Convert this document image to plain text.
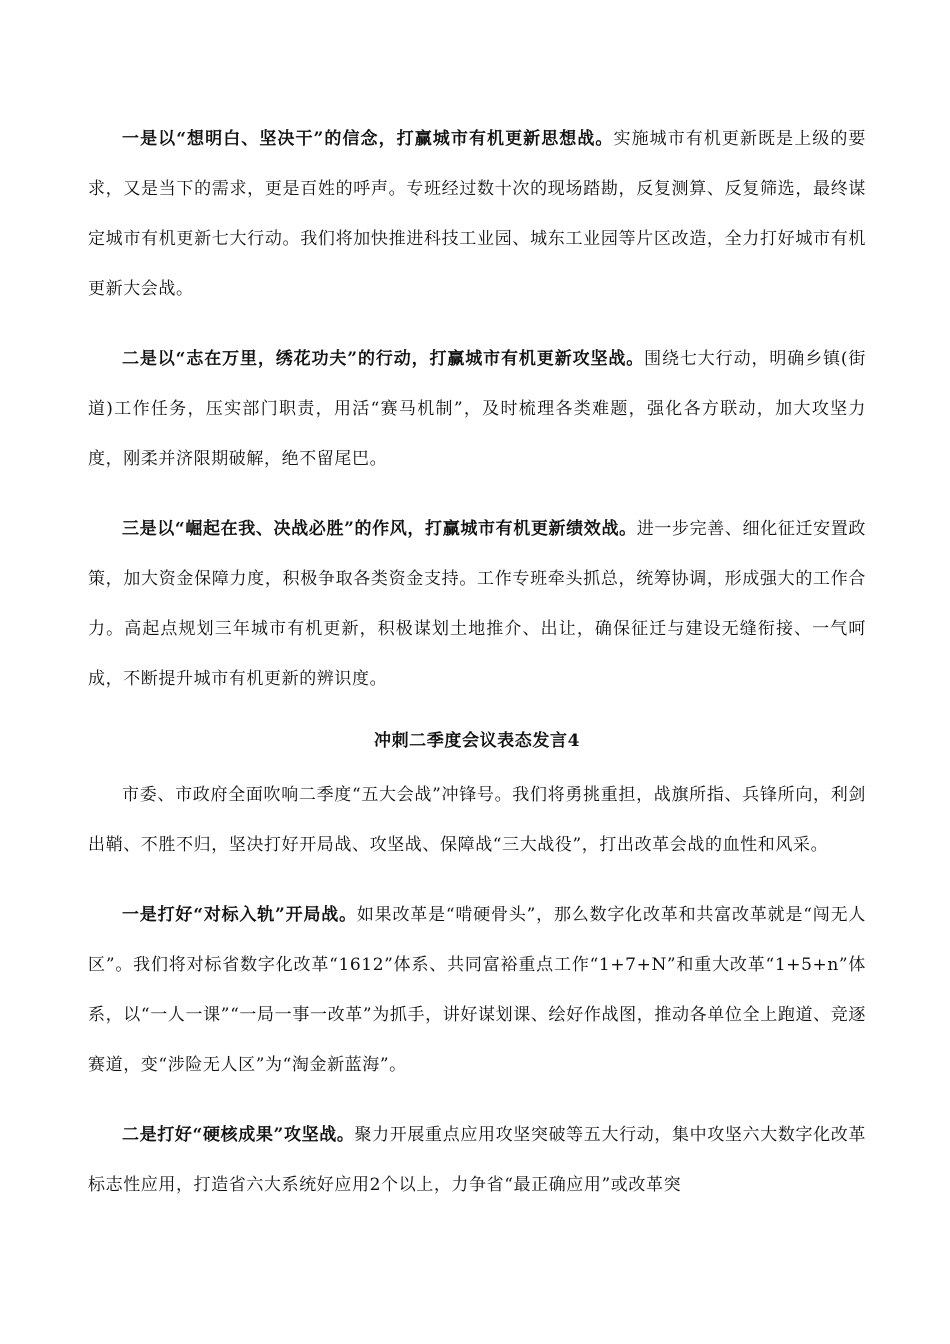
一是以“想明白、坚决干”的信念，打赢城市有机更新思想战。实施城市有机更新既是上级的要求，又是当下的需求，更是百姓的呼声。专班经过数十次的现场踏勘，反复测算、反复筛选，最终谋定城市有机更新七大行动。我们将加快推进科技工业园、城东工业园等片区改造，全力打好城市有机更新大会战。

二是以“志在万里，绣花功夫”的行动，打赢城市有机更新攻坚战。围绕七大行动，明确乡镇(街道)工作任务，压实部门职责，用活“赛马机制”，及时梳理各类难题，强化各方联动，加大攻坚力度，刚柔并济限期破解，绝不留尾巴。

三是以“崛起在我、决战必胜”的作风，打赢城市有机更新绩效战。进一步完善、细化征迁安置政策，加大资金保障力度，积极争取各类资金支持。工作专班牵头抓总，统筹协调，形成强大的工作合力。高起点规划三年城市有机更新，积极谋划土地推介、出让，确保征迁与建设无缝衔接、一气呵成，不断提升城市有机更新的辨识度。

冲刺二季度会议表态发言4

市委、市政府全面吹响二季度“五大会战”冲锋号。我们将勇挑重担，战旗所指、兵锋所向，利剑出鞘、不胜不归，坚决打好开局战、攻坚战、保障战“三大战役”，打出改革会战的血性和风采。

一是打好“对标入轨”开局战。如果改革是“啃硬骨头”，那么数字化改革和共富改革就是“闯无人区”。我们将对标省数字化改革“1612”体系、共同富裕重点工作“1+7+N”和重大改革“1+5+n”体系，以“一人一课”“一局一事一改革”为抓手，讲好谋划课、绘好作战图，推动各单位全上跑道、竞逐赛道，变“涉险无人区”为“淘金新蓝海”。

二是打好“硬核成果”攻坚战。聚力开展重点应用攻坚突破等五大行动，集中攻坚六大数字化改革标志性应用，打造省六大系统好应用2个以上，力争省“最正确应用”或改革突
